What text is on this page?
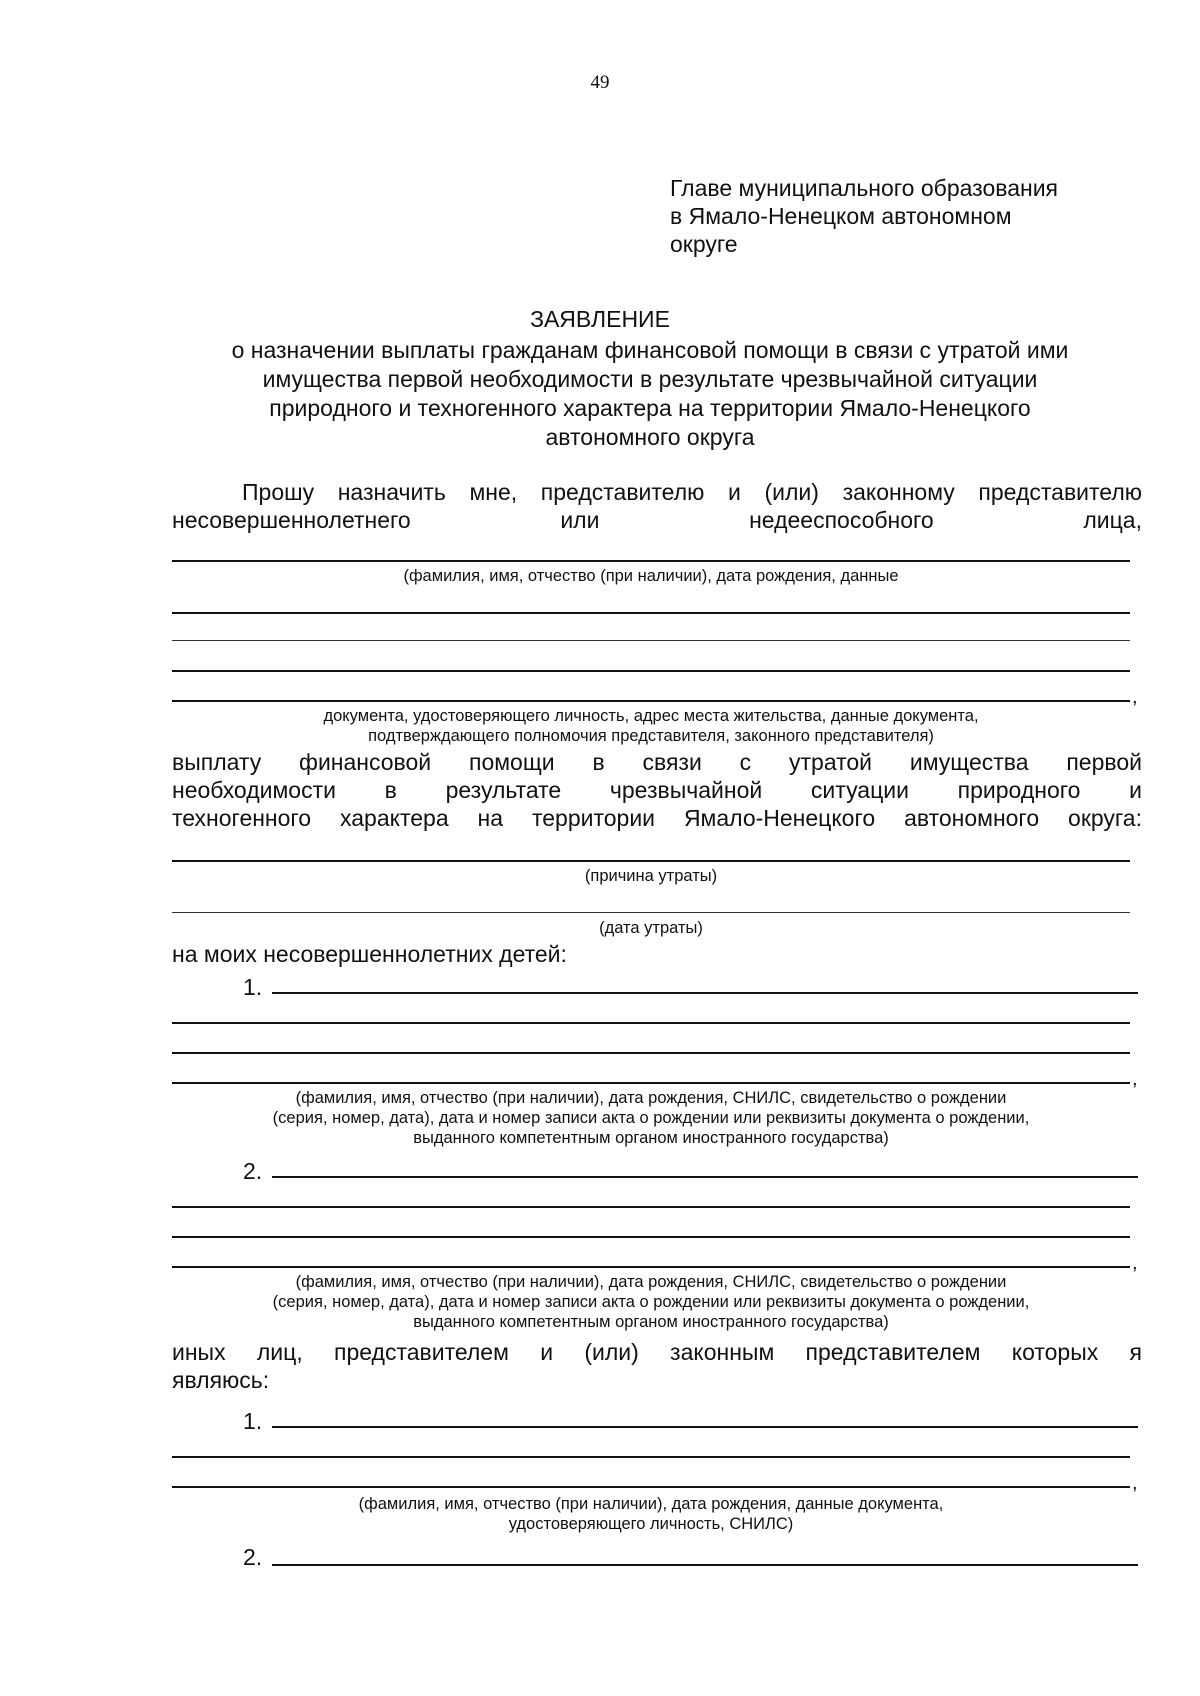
49
Главе муниципального образования
в Ямало-Ненецком автономном
округе
ЗАЯВЛЕНИЕ
о назначении выплаты гражданам финансовой помощи в связи с утратой ими
имущества первой необходимости в результате чрезвычайной ситуации
природного и техногенного характера на территории Ямало-Ненецкого
автономного округа
Прошу назначить мне, представителю и (или) законному представителю
несовершеннолетнего или недееспособного лица,
(фамилия, имя, отчество (при наличии), дата рождения, данные
,
документа, удостоверяющего личность, адрес места жительства, данные документа,
подтверждающего полномочия представителя, законного представителя)
выплату финансовой помощи в связи с утратой имущества первой
необходимости в результате чрезвычайной ситуации природного и
техногенного характера на территории Ямало-Ненецкого автономного округа:
(причина утраты)
(дата утраты)
на моих несовершеннолетних детей:
1.
,
(фамилия, имя, отчество (при наличии), дата рождения, СНИЛС, свидетельство о рождении
(серия, номер, дата), дата и номер записи акта о рождении или реквизиты документа о рождении,
выданного компетентным органом иностранного государства)
2.
,
(фамилия, имя, отчество (при наличии), дата рождения, СНИЛС, свидетельство о рождении
(серия, номер, дата), дата и номер записи акта о рождении или реквизиты документа о рождении,
выданного компетентным органом иностранного государства)
иных лиц, представителем и (или) законным представителем которых я
являюсь:
1.
,
(фамилия, имя, отчество (при наличии), дата рождения, данные документа,
удостоверяющего личность, СНИЛС)
2.
